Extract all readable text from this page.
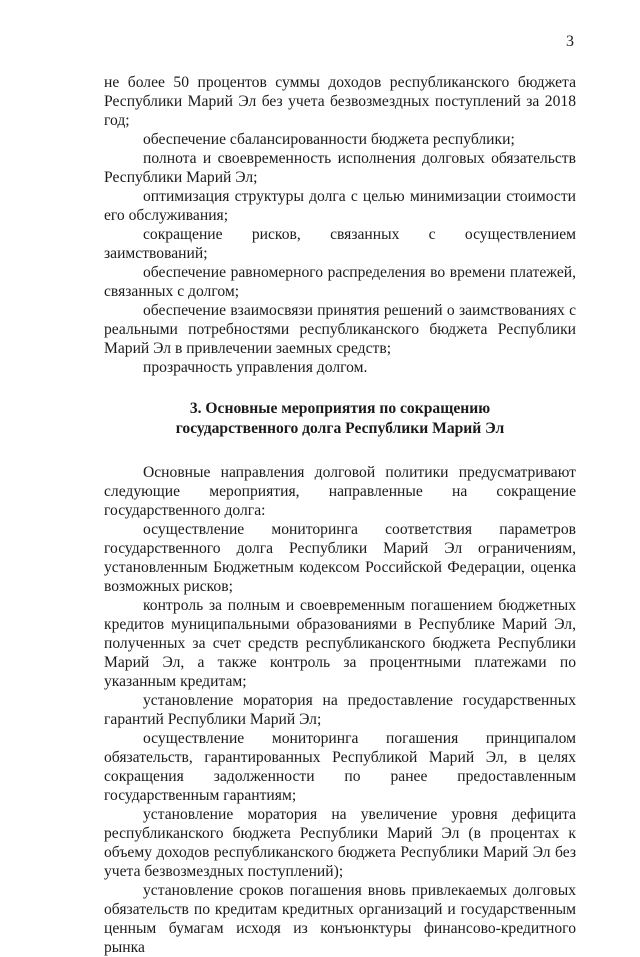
3

не более 50 процентов суммы доходов республиканского бюджета Республики Марий Эл без учета безвозмездных поступлений за 2018 год;

обеспечение сбалансированности бюджета республики;

полнота и своевременность исполнения долговых обязательств Республики Марий Эл;

оптимизация структуры долга с целью минимизации стоимости его обслуживания;

сокращение рисков, связанных с осуществлением заимствований;

обеспечение равномерного распределения во времени платежей, связанных с долгом;

обеспечение взаимосвязи принятия решений о заимствованиях с реальными потребностями республиканского бюджета Республики Марий Эл в привлечении заемных средств;

прозрачность управления долгом.

3. Основные мероприятия по сокращению
государственного долга Республики Марий Эл

Основные направления долговой политики предусматривают следующие мероприятия, направленные на сокращение государственного долга:

осуществление мониторинга соответствия параметров государственного долга Республики Марий Эл ограничениям, установленным Бюджетным кодексом Российской Федерации, оценка возможных рисков;

контроль за полным и своевременным погашением бюджетных кредитов муниципальными образованиями в Республике Марий Эл, полученных за счет средств республиканского бюджета Республики Марий Эл, а также контроль за процентными платежами по указанным кредитам;

установление моратория на предоставление государственных гарантий Республики Марий Эл;

осуществление мониторинга погашения принципалом обязательств, гарантированных Республикой Марий Эл, в целях сокращения задолженности по ранее предоставленным государственным гарантиям;

установление моратория на увеличение уровня дефицита республиканского бюджета Республики Марий Эл (в процентах к объему доходов республиканского бюджета Республики Марий Эл без учета безвозмездных поступлений);

установление сроков погашения вновь привлекаемых долговых обязательств по кредитам кредитных организаций и государственным ценным бумагам исходя из конъюнктуры финансово-кредитного рынка
